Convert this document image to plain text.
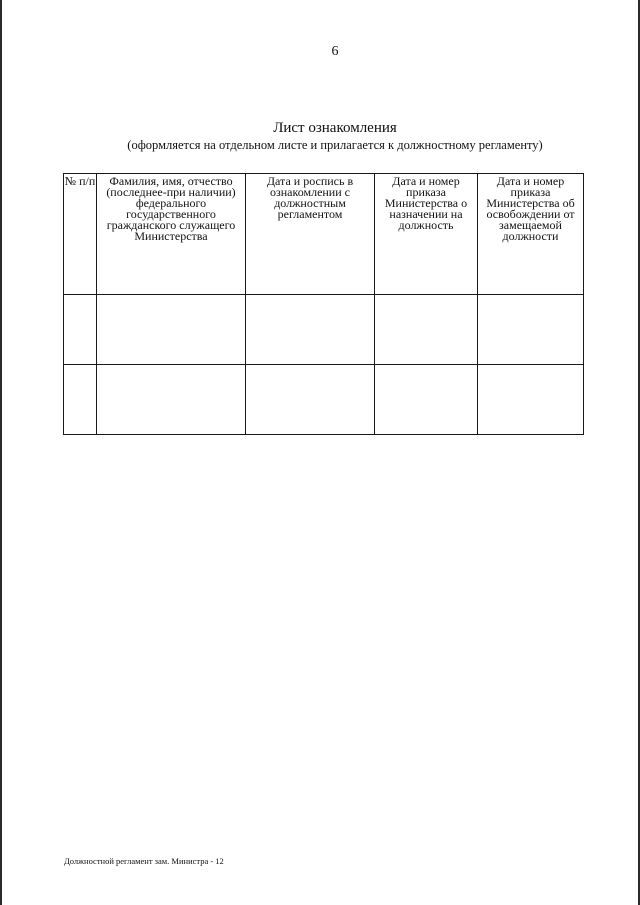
6
Лист ознакомления
(оформляется на отдельном листе и прилагается к должностному регламенту)
№ п/п	Фамилия, имя, отчество (последнее-при наличии) федерального государственного гражданского служащего Министерства	Дата и роспись в ознакомлении с должностным регламентом	Дата и номер приказа Министерства о назначении на должность	Дата и номер приказа Министерства об освобождении от замещаемой должности

Должностной регламент зам. Министра - 12
